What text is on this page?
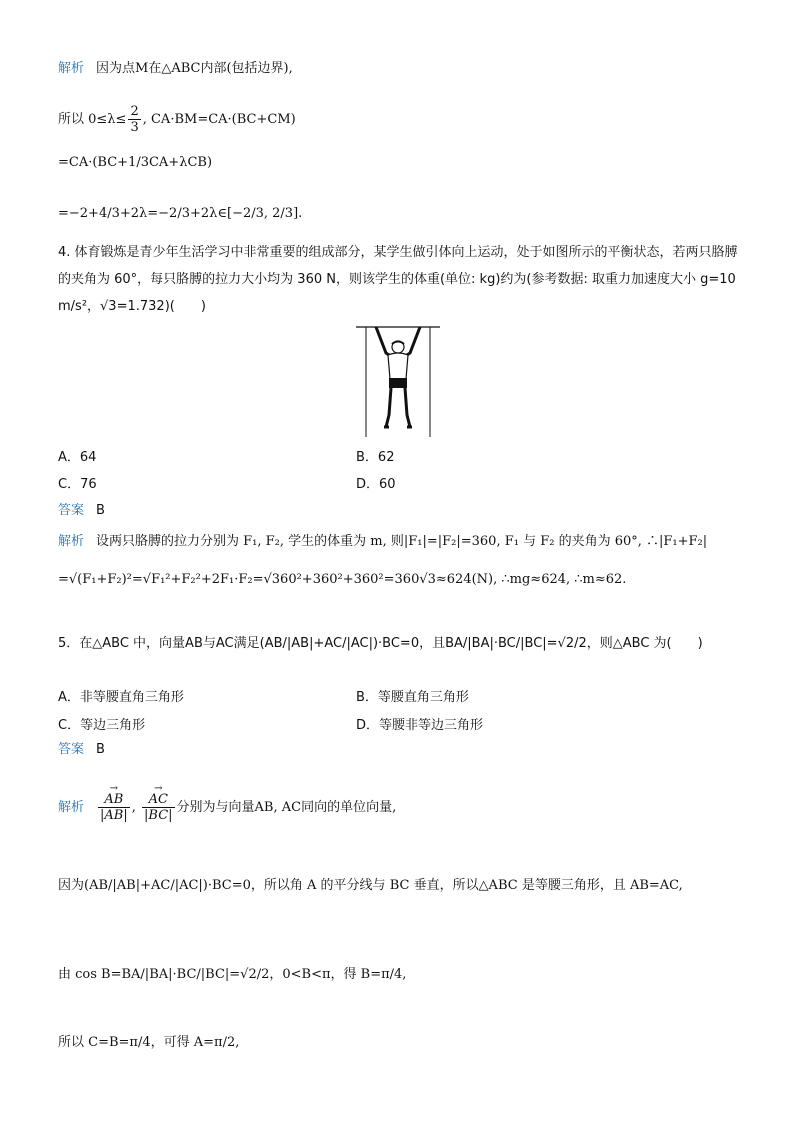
解析 因为点M在△ABC内部(包括边界),
所以 $0\le\lambda\le \frac{2}{3}$ , CA·BM=CA·(BC+CM)
=CA·(BC+1/3CA+λCB)
=−2+4/3+2λ=−2/3+2λ∈[−2/3, 2/3].
4. 体育锻炼是青少年生活学习中非常重要的组成部分，某学生做引体向上运动，处于如图所示的平衡状态，若两只胳膊的夹角为 60°，每只胳膊的拉力大小均为 360 N，则该学生的体重(单位: kg)约为(参考数据: 取重力加速度大小 g=10 m/s²，√3=1.732)(　　)
A．64	B．62
C．76	D．60
答案 B
解析 设两只胳膊的拉力分别为 F₁, F₂, 学生的体重为 m, 则|F₁|=|F₂|=360, F₁ 与 F₂ 的夹角为 60°, ∴|F₁+F₂|
=√(F₁+F₂)²=√F₁²+F₂²+2F₁·F₂=√360²+360²+360²=360√3≈624(N), ∴mg≈624, ∴m≈62.
5．在△ABC 中，向量AB与AC满足(AB/|AB|+AC/|AC|)·BC=0，且BA/|BA|·BC/|BC|=√2/2，则△ABC 为(　　)
A．非等腰直角三角形	B．等腰直角三角形
C．等边三角形	D．等腰非等边三角形
答案 B
解析 → $\frac{AB}{|AB|}$ , → $\frac{AC}{|BC|}$ 分别为与向量AB, AC同向的单位向量,
因为(AB/|AB|+AC/|AC|)·BC=0，所以角 A 的平分线与 BC 垂直，所以△ABC 是等腰三角形，且 AB=AC,
由 cos B=BA/|BA|·BC/|BC|=√2/2，0<B<π，得 B=π/4,
所以 C=B=π/4，可得 A=π/2,
